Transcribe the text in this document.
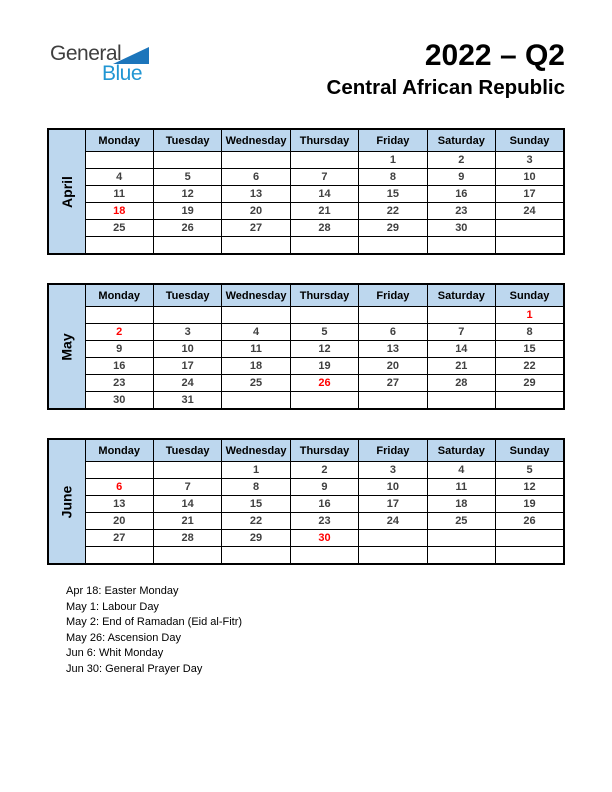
General
Blue
2022 – Q2
Central African Republic
April	Monday	Tuesday	Wednesday	Thursday	Friday	Saturday	Sunday
					1	2	3
	4	5	6	7	8	9	10
	11	12	13	14	15	16	17
	18	19	20	21	22	23	24
	25	26	27	28	29	30	

May	Monday	Tuesday	Wednesday	Thursday	Friday	Saturday	Sunday
							1
	2	3	4	5	6	7	8
	9	10	11	12	13	14	15
	16	17	18	19	20	21	22
	23	24	25	26	27	28	29
	30	31					
June	Monday	Tuesday	Wednesday	Thursday	Friday	Saturday	Sunday
			1	2	3	4	5
	6	7	8	9	10	11	12
	13	14	15	16	17	18	19
	20	21	22	23	24	25	26
	27	28	29	30			

Apr 18: Easter Monday
May 1: Labour Day
May 2: End of Ramadan (Eid al-Fitr)
May 26: Ascension Day
Jun 6: Whit Monday
Jun 30: General Prayer Day
